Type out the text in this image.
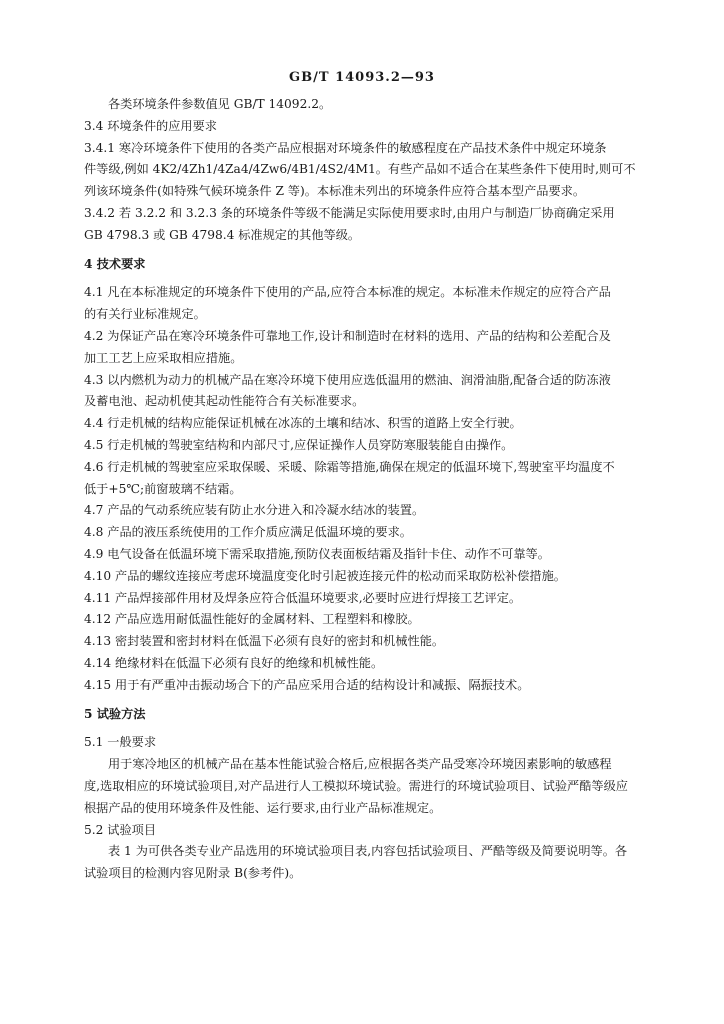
GB/T 14093.2—93
各类环境条件参数值见 GB/T 14092.2。
3.4 环境条件的应用要求
3.4.1 寒冷环境条件下使用的各类产品应根据对环境条件的敏感程度在产品技术条件中规定环境条
件等级,例如 4K2/4Zh1/4Za4/4Zw6/4B1/4S2/4M1。有些产品如不适合在某些条件下使用时,则可不
列该环境条件(如特殊气候环境条件 Z 等)。本标准未列出的环境条件应符合基本型产品要求。
3.4.2 若 3.2.2 和 3.2.3 条的环境条件等级不能满足实际使用要求时,由用户与制造厂协商确定采用
GB 4798.3 或 GB 4798.4 标准规定的其他等级。
4 技术要求
4.1 凡在本标准规定的环境条件下使用的产品,应符合本标准的规定。本标准未作规定的应符合产品
的有关行业标准规定。
4.2 为保证产品在寒冷环境条件可靠地工作,设计和制造时在材料的选用、产品的结构和公差配合及
加工工艺上应采取相应措施。
4.3 以内燃机为动力的机械产品在寒冷环境下使用应选低温用的燃油、润滑油脂,配备合适的防冻液
及蓄电池、起动机使其起动性能符合有关标准要求。
4.4 行走机械的结构应能保证机械在冰冻的土壤和结冰、积雪的道路上安全行驶。
4.5 行走机械的驾驶室结构和内部尺寸,应保证操作人员穿防寒服装能自由操作。
4.6 行走机械的驾驶室应采取保暖、采暖、除霜等措施,确保在规定的低温环境下,驾驶室平均温度不
低于+5℃;前窗玻璃不结霜。
4.7 产品的气动系统应装有防止水分进入和冷凝水结冰的装置。
4.8 产品的液压系统使用的工作介质应满足低温环境的要求。
4.9 电气设备在低温环境下需采取措施,预防仪表面板结霜及指针卡住、动作不可靠等。
4.10 产品的螺纹连接应考虑环境温度变化时引起被连接元件的松动而采取防松补偿措施。
4.11 产品焊接部件用材及焊条应符合低温环境要求,必要时应进行焊接工艺评定。
4.12 产品应选用耐低温性能好的金属材料、工程塑料和橡胶。
4.13 密封装置和密封材料在低温下必须有良好的密封和机械性能。
4.14 绝缘材料在低温下必须有良好的绝缘和机械性能。
4.15 用于有严重冲击振动场合下的产品应采用合适的结构设计和减振、隔振技术。
5 试验方法
5.1 一般要求
用于寒冷地区的机械产品在基本性能试验合格后,应根据各类产品受寒冷环境因素影响的敏感程
度,选取相应的环境试验项目,对产品进行人工模拟环境试验。需进行的环境试验项目、试验严酷等级应
根据产品的使用环境条件及性能、运行要求,由行业产品标准规定。
5.2 试验项目
表 1 为可供各类专业产品选用的环境试验项目表,内容包括试验项目、严酷等级及简要说明等。各
试验项目的检测内容见附录 B(参考件)。
